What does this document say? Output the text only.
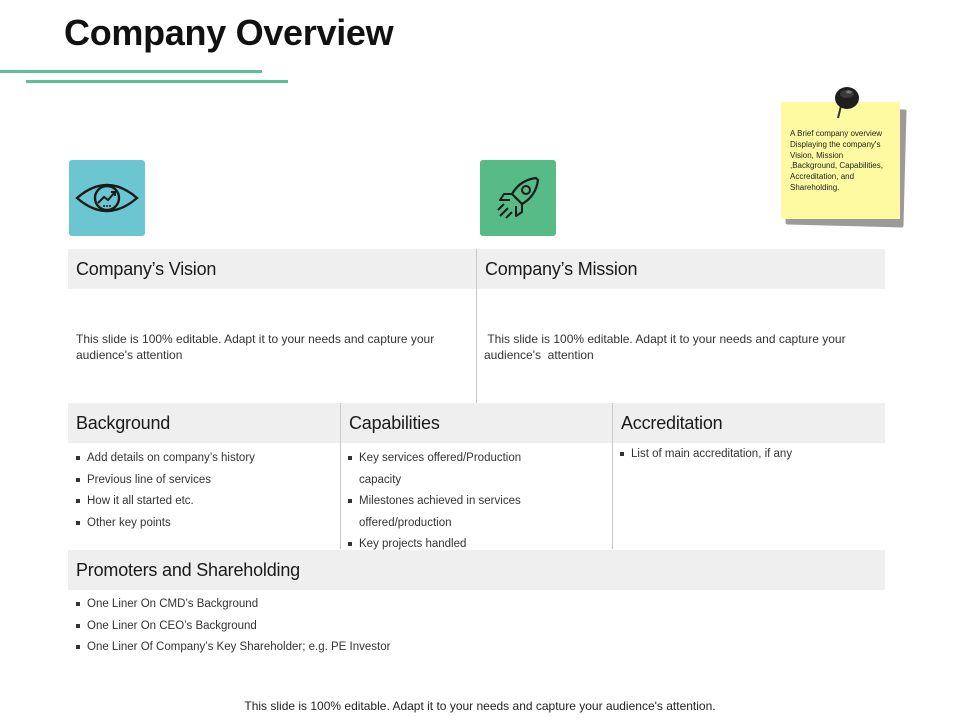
Company Overview
A Brief company overview Displaying the company's Vision, Mission ,Background, Capabilities, Accreditation, and Shareholding.
Company’s Vision	Company’s Mission
This slide is 100% editable. Adapt it to your needs and capture your audience's attention
This slide is 100% editable. Adapt it to your needs and capture your audience's  attention
Background	Capabilities	Accreditation
Add details on company’s history
Previous line of services
How it all started etc.
Other key points
Key services offered/Production capacity
Milestones achieved in services offered/production
Key projects handled
List of main accreditation, if any
Promoters and Shareholding
One Liner On CMD’s Background
One Liner On CEO’s Background
One Liner Of Company’s Key Shareholder; e.g. PE Investor
This slide is 100% editable. Adapt it to your needs and capture your audience's attention.
